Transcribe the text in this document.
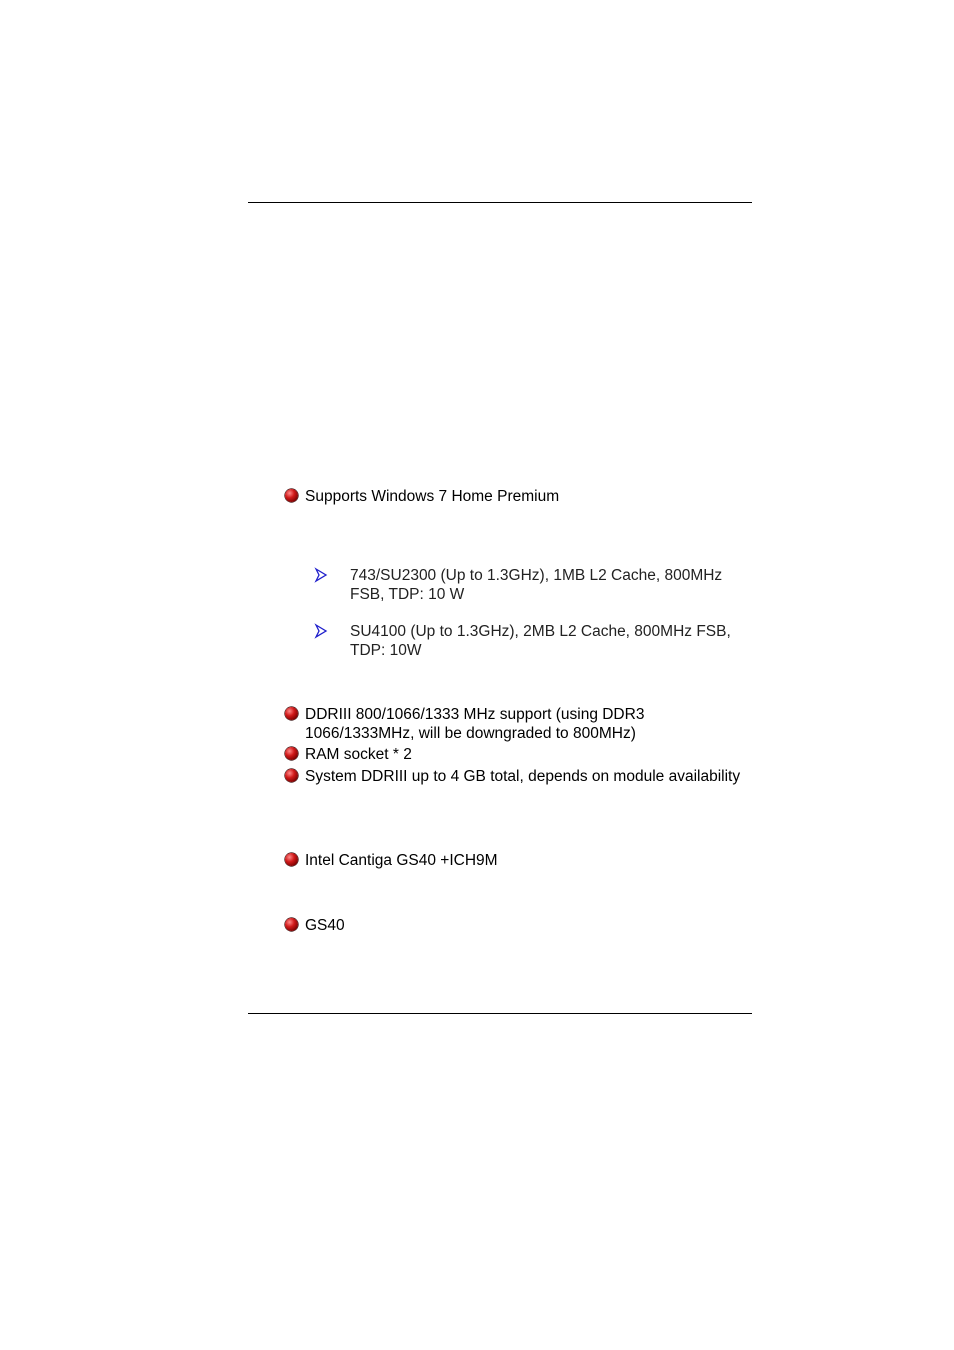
Supports Windows 7 Home Premium
743/SU2300 (Up to 1.3GHz), 1MB L2 Cache, 800MHz FSB, TDP: 10 W
SU4100 (Up to 1.3GHz), 2MB L2 Cache, 800MHz FSB, TDP: 10W
DDRIII 800/1066/1333 MHz support (using DDR3 1066/1333MHz, will be downgraded to 800MHz)
RAM socket * 2
System DDRIII up to 4 GB total, depends on module availability
Intel Cantiga GS40 +ICH9M
GS40
